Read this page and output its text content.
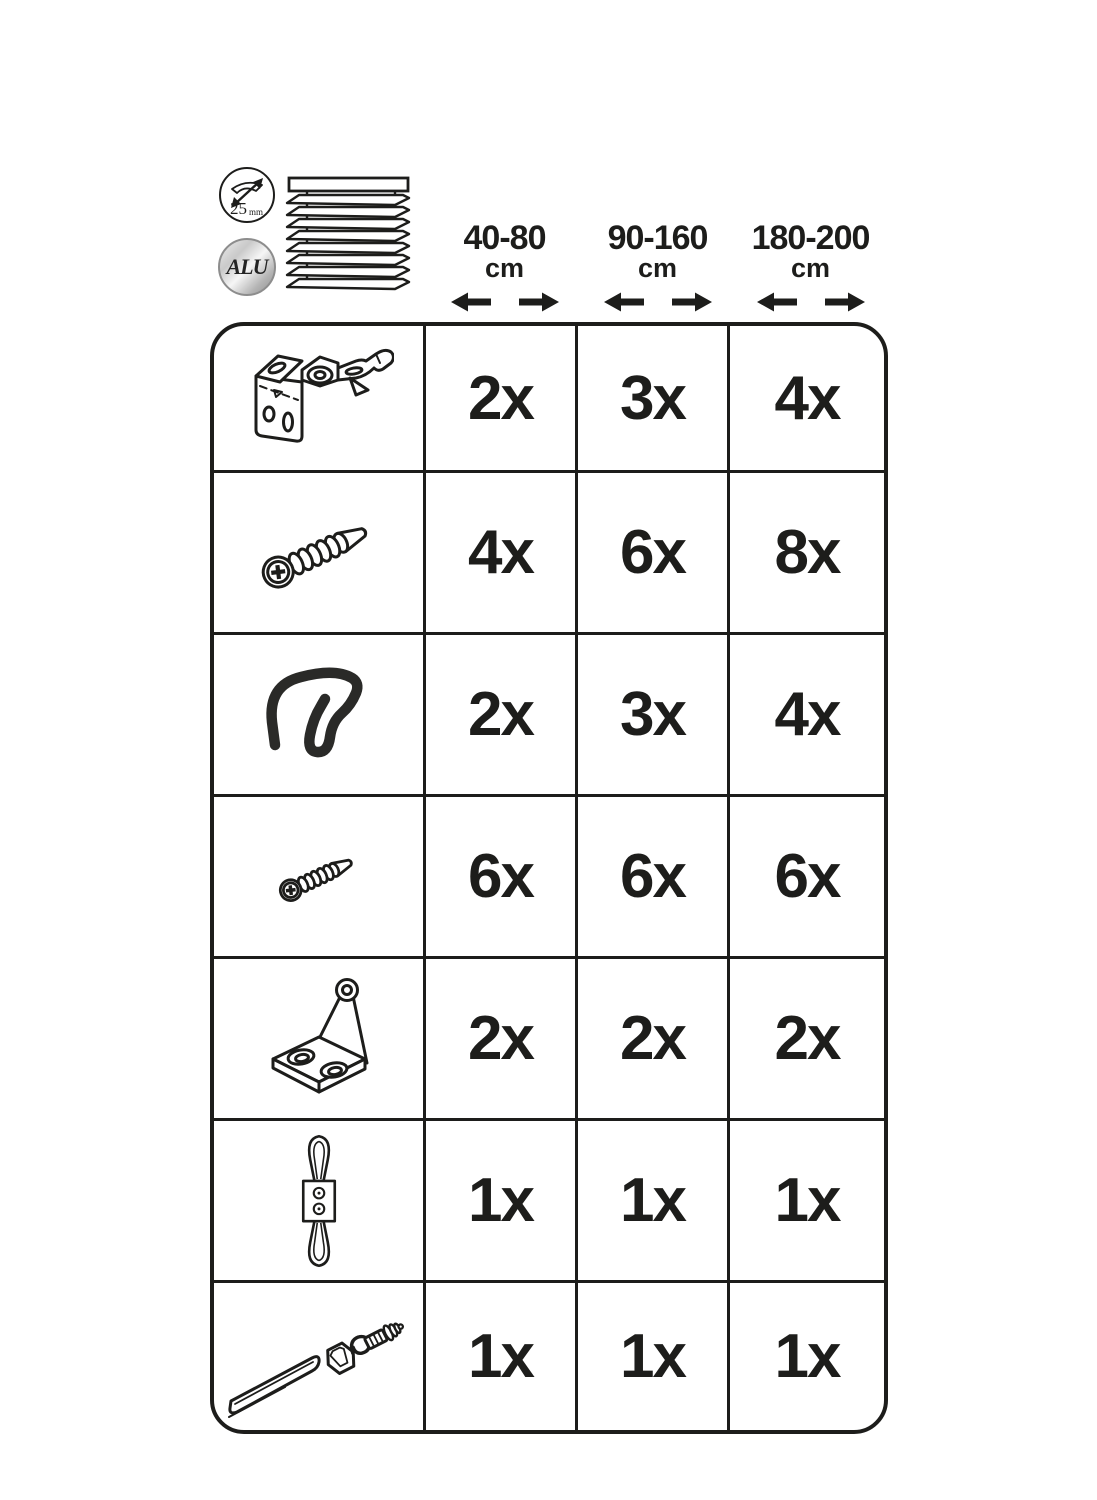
25 mm
ALU
40-80
cm
90-160
cm
180-200
cm
2x	3x	4x
4x	6x	8x
2x	3x	4x
6x	6x	6x
2x	2x	2x
1x	1x	1x
1x	1x	1x
